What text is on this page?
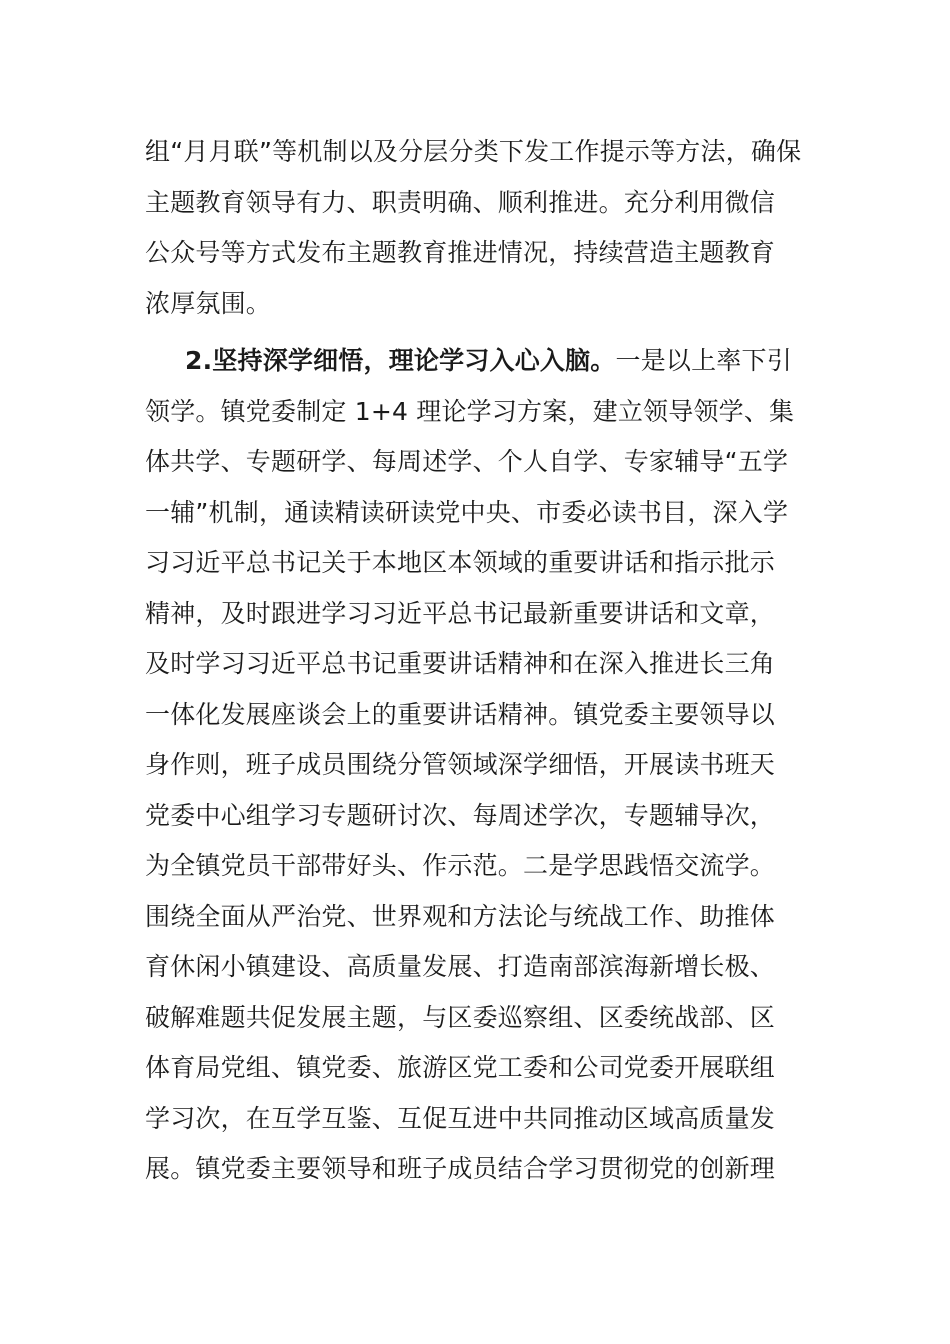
组“月月联”等机制以及分层分类下发工作提示等方法，确保
主题教育领导有力、职责明确、顺利推进。充分利用微信
公众号等方式发布主题教育推进情况，持续营造主题教育
浓厚氛围。
2.坚持深学细悟，理论学习入心入脑。一是以上率下引
领学。镇党委制定 1+4 理论学习方案，建立领导领学、集
体共学、专题研学、每周述学、个人自学、专家辅导“五学
一辅”机制，通读精读研读党中央、市委必读书目，深入学
习习近平总书记关于本地区本领域的重要讲话和指示批示
精神，及时跟进学习习近平总书记最新重要讲话和文章，
及时学习习近平总书记重要讲话精神和在深入推进长三角
一体化发展座谈会上的重要讲话精神。镇党委主要领导以
身作则，班子成员围绕分管领域深学细悟，开展读书班天
党委中心组学习专题研讨次、每周述学次，专题辅导次，
为全镇党员干部带好头、作示范。二是学思践悟交流学。
围绕全面从严治党、世界观和方法论与统战工作、助推体
育休闲小镇建设、高质量发展、打造南部滨海新增长极、
破解难题共促发展主题，与区委巡察组、区委统战部、区
体育局党组、镇党委、旅游区党工委和公司党委开展联组
学习次，在互学互鉴、互促互进中共同推动区域高质量发
展。镇党委主要领导和班子成员结合学习贯彻党的创新理
